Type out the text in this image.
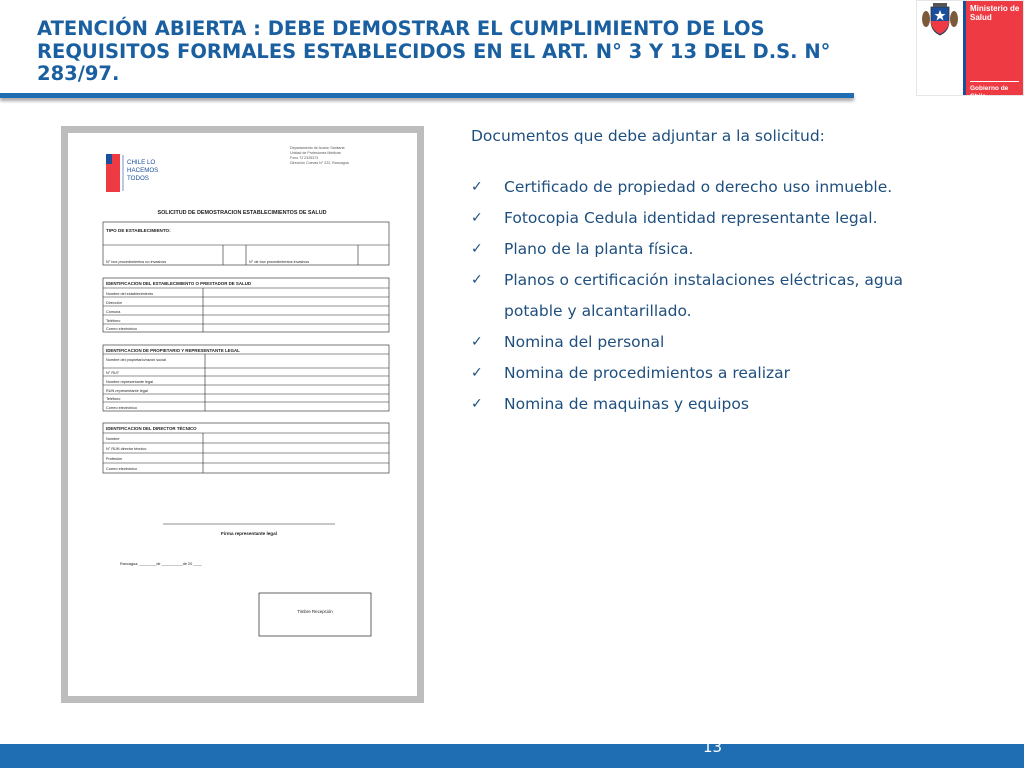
ATENCIÓN ABIERTA : DEBE DEMOSTRAR EL CUMPLIMIENTO DE LOS REQUISITOS FORMALES ESTABLECIDOS EN EL ART. N° 3 Y 13 DEL D.S. N° 283/97.
Ministerio de
Salud
Gobierno de Chile
CHILE LO
HACEMOS
TODOS
Departamento de Acción Sanitaria
Unidad de Profesiones Médicas
Fono 72 2335373
Dirección Cuevas N° 222, Rancagua
SOLICITUD DE DEMOSTRACION ESTABLECIMIENTOS DE SALUD
TIPO DE ESTABLECIMIENTO:
N° box procedimientos no invasivos	N° de box procedimientos invasivos
IDENTIFICACION DEL ESTABLECIMIENTO O PRESTADOR DE SALUD
Nombre del establecimiento
Dirección
Comuna
Teléfono
Correo electrónico
IDENTIFICACION DE PROPIETARIO Y REPRESENTANTE LEGAL
Nombre del propietario/razón social
N° RUT
Nombre representante legal
RUN representante legal
Teléfono
Correo electrónico
IDENTIFICACION DEL DIRECTOR TÉCNICO
Nombre
N° RUN director técnico
Profesión
Correo electrónico
Firma representante legal
Rancagua, ________de __________de 20 ____
Timbre Recepción
Documentos que debe adjuntar a la solicitud:
✓ Certificado de propiedad o derecho uso inmueble.
✓ Fotocopia Cedula identidad representante legal.
✓ Plano de la planta física.
✓ Planos o certificación instalaciones eléctricas, agua potable y alcantarillado.
✓ Nomina del personal
✓ Nomina de procedimientos a realizar
✓ Nomina de maquinas y equipos
13
